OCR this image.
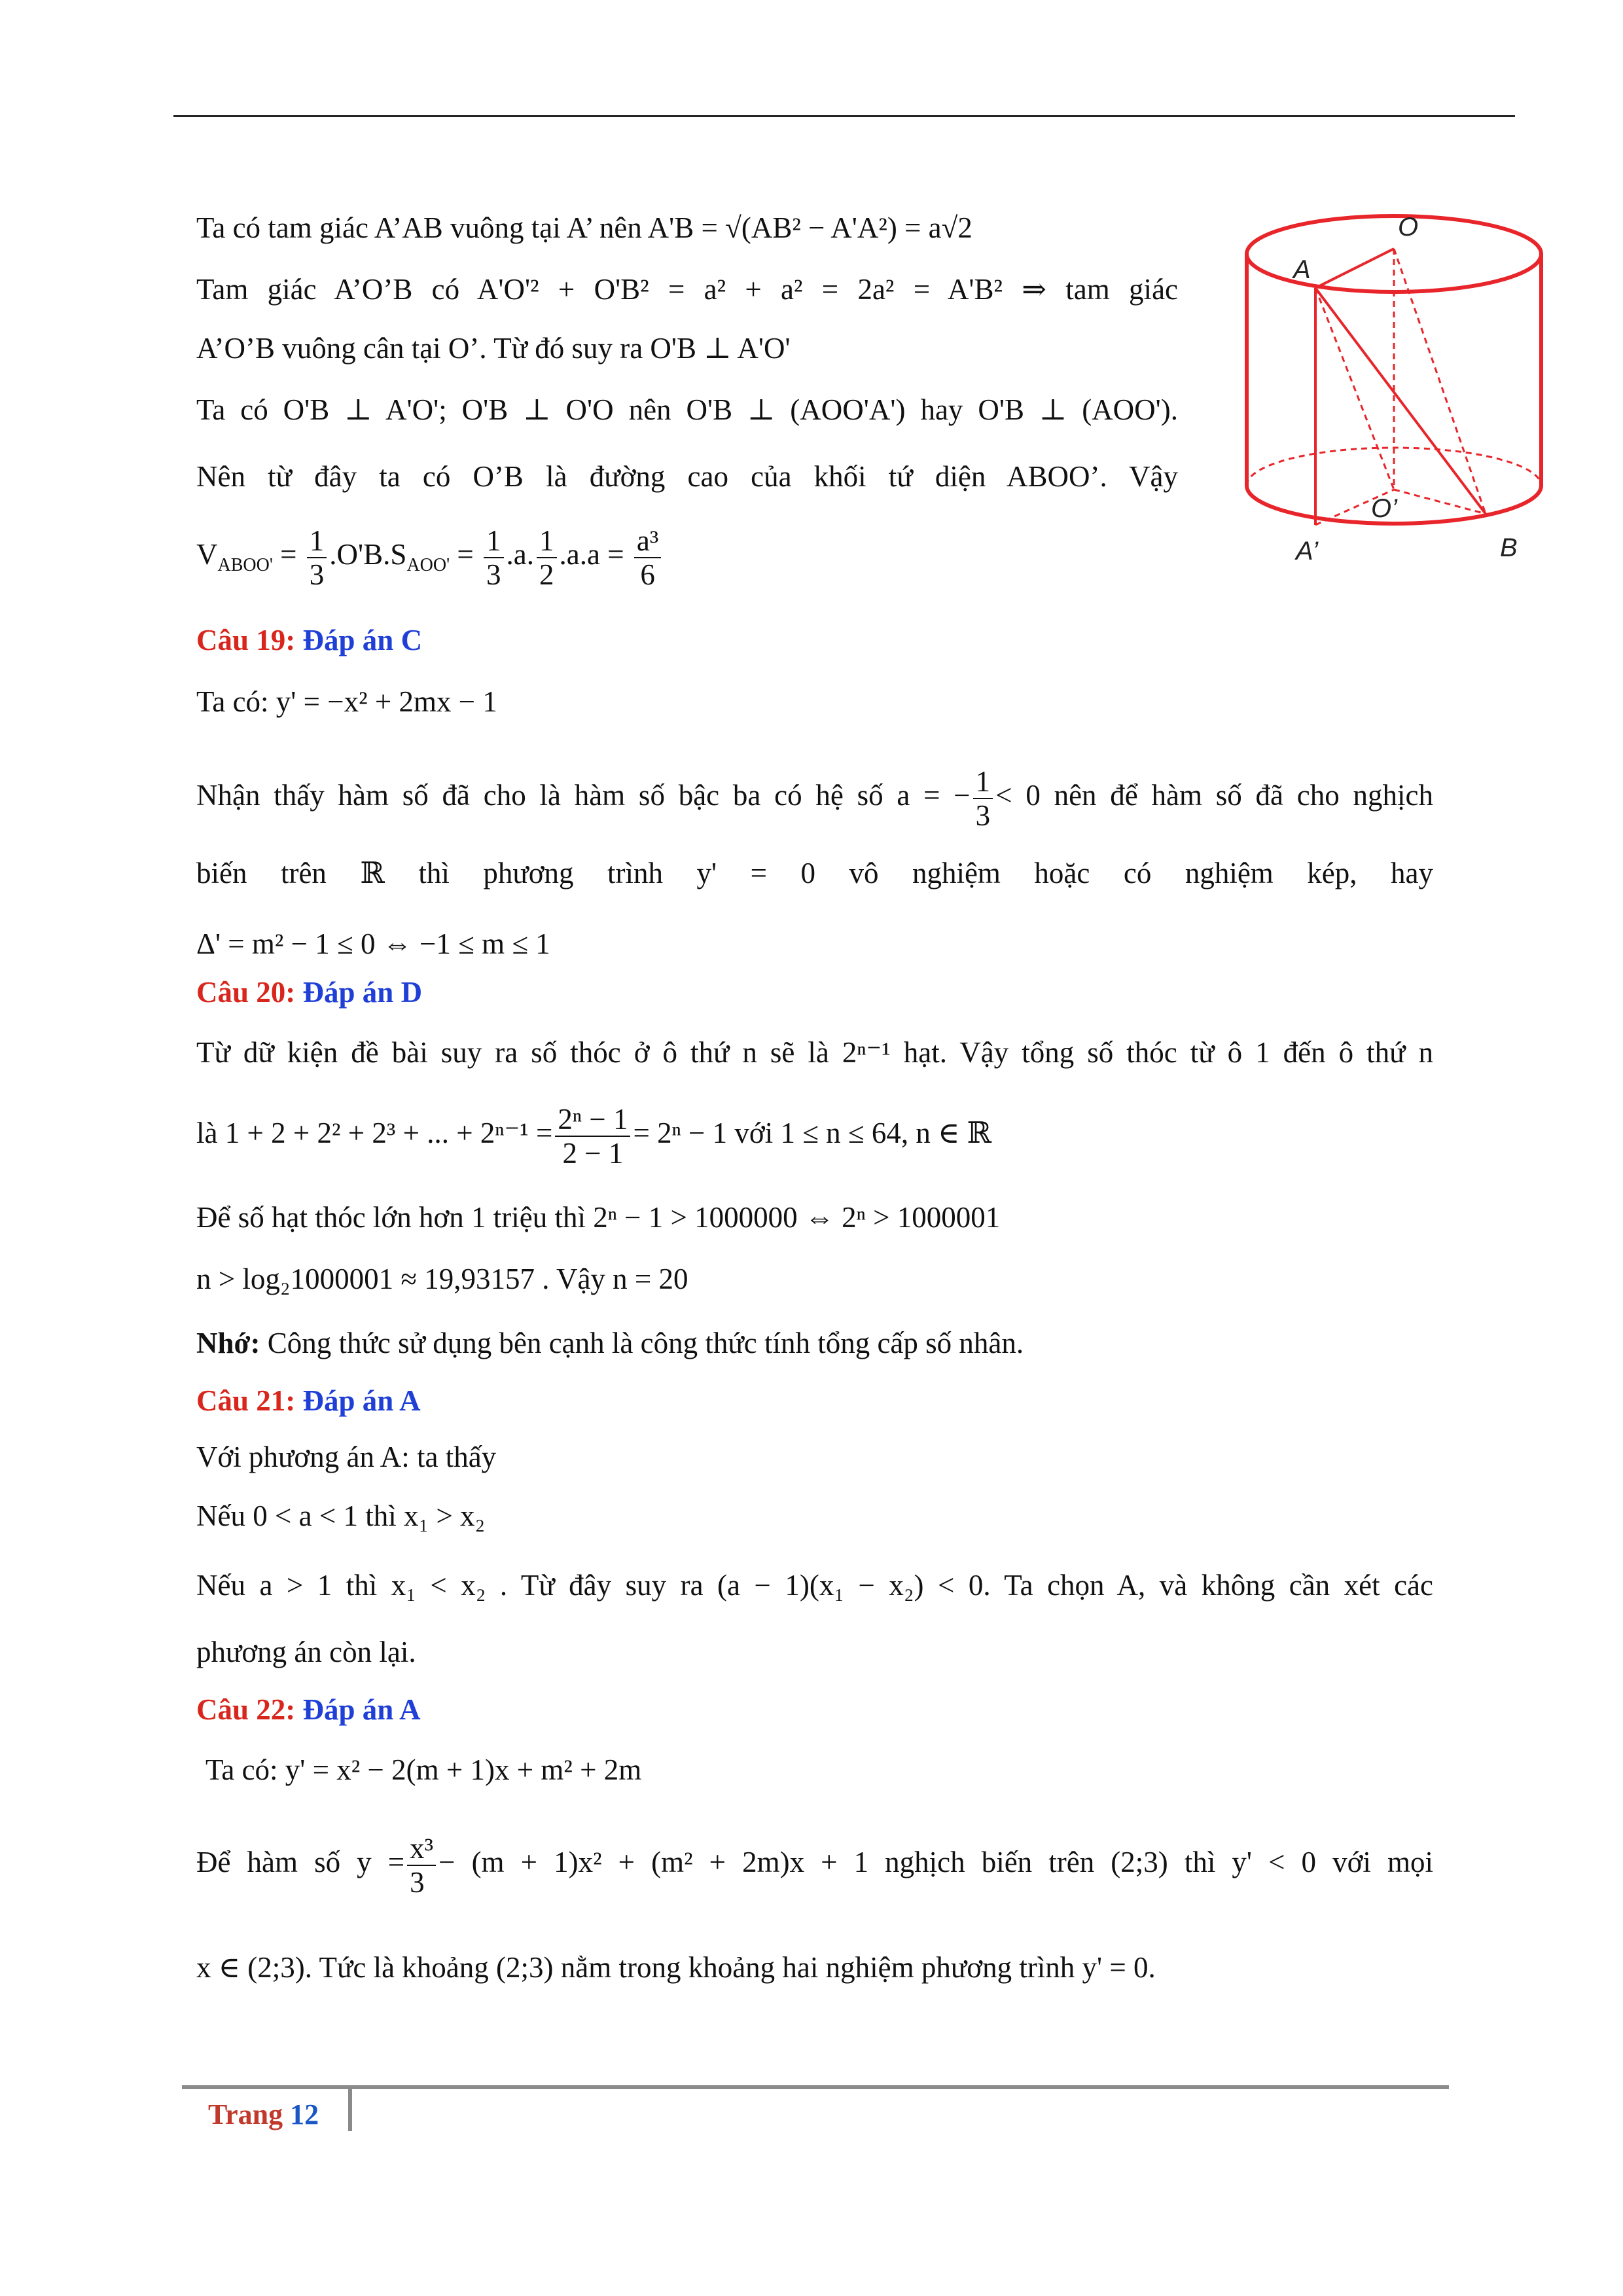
Ta có tam giác A’AB vuông tại A’ nên A'B = √(AB² − A'A²) = a√2
Tam giác A’O’B có A'O'² + O'B² = a² + a² = 2a² = A'B² ⇒ tam giác
A’O’B vuông cân tại O’. Từ đó suy ra O'B ⊥ A'O'
Ta có O'B ⊥ A'O'; O'B ⊥ O'O nên O'B ⊥ (AOO'A') hay O'B ⊥ (AOO').
Nên từ đây ta có O’B là đường cao của khối tứ diện ABOO’. Vậy
$V_{ABOO'} = \frac{1}{3} .O'B.S_{AOO'} = \frac{1}{3} .a$. $\frac{1}{2} .a.a = \frac{\text{a³}}{6}$
O
A
O’
A’	B
Câu 19: Đáp án C
Ta có: y' = −x² + 2mx − 1
Nhận thấy hàm số đã cho là hàm số bậc ba có hệ số a = − $\frac{1}{3} < 0$ nên để hàm số đã cho nghịch
biến trên ℝ thì phương trình y' = 0 vô nghiệm hoặc có nghiệm kép, hay
Δ' = m² − 1 ≤ 0 ⇔ −1 ≤ m ≤ 1
Câu 20: Đáp án D
Từ dữ kiện đề bài suy ra số thóc ở ô thứ n sẽ là 2ⁿ⁻¹ hạt. Vậy tổng số thóc từ ô 1 đến ô thứ n
là 1 + 2 + 2² + 2³ + ... + $2^{n-1} = \frac{\text{2ⁿ − 1}}{2 - 1} = 2^n - 1$ với 1 ≤ n ≤ 64, n ∈ ℝ
Để số hạt thóc lớn hơn 1 triệu thì 2ⁿ − 1 > 1000000 ⇔ 2ⁿ > 1000001
n > log₂1000001 ≈ 19,93157 . Vậy n = 20
Nhớ: Công thức sử dụng bên cạnh là công thức tính tổng cấp số nhân.
Câu 21: Đáp án A
Với phương án A: ta thấy
Nếu 0 < a < 1 thì x₁ > x₂
Nếu a > 1 thì x₁ < x₂ . Từ đây suy ra (a − 1)(x₁ − x₂) < 0. Ta chọn A, và không cần xét các
phương án còn lại.
Câu 22: Đáp án A
Ta có: y' = x² − 2(m + 1)x + m² + 2m
Để hàm số $y = \frac{\text{x³}}{3} - (m + 1)x^2 + (m^2 + 2m)x + 1$ nghịch biến trên (2;3) thì y' < 0 với mọi
x ∈ (2;3). Tức là khoảng (2;3) nằm trong khoảng hai nghiệm phương trình y' = 0.
Trang 12
